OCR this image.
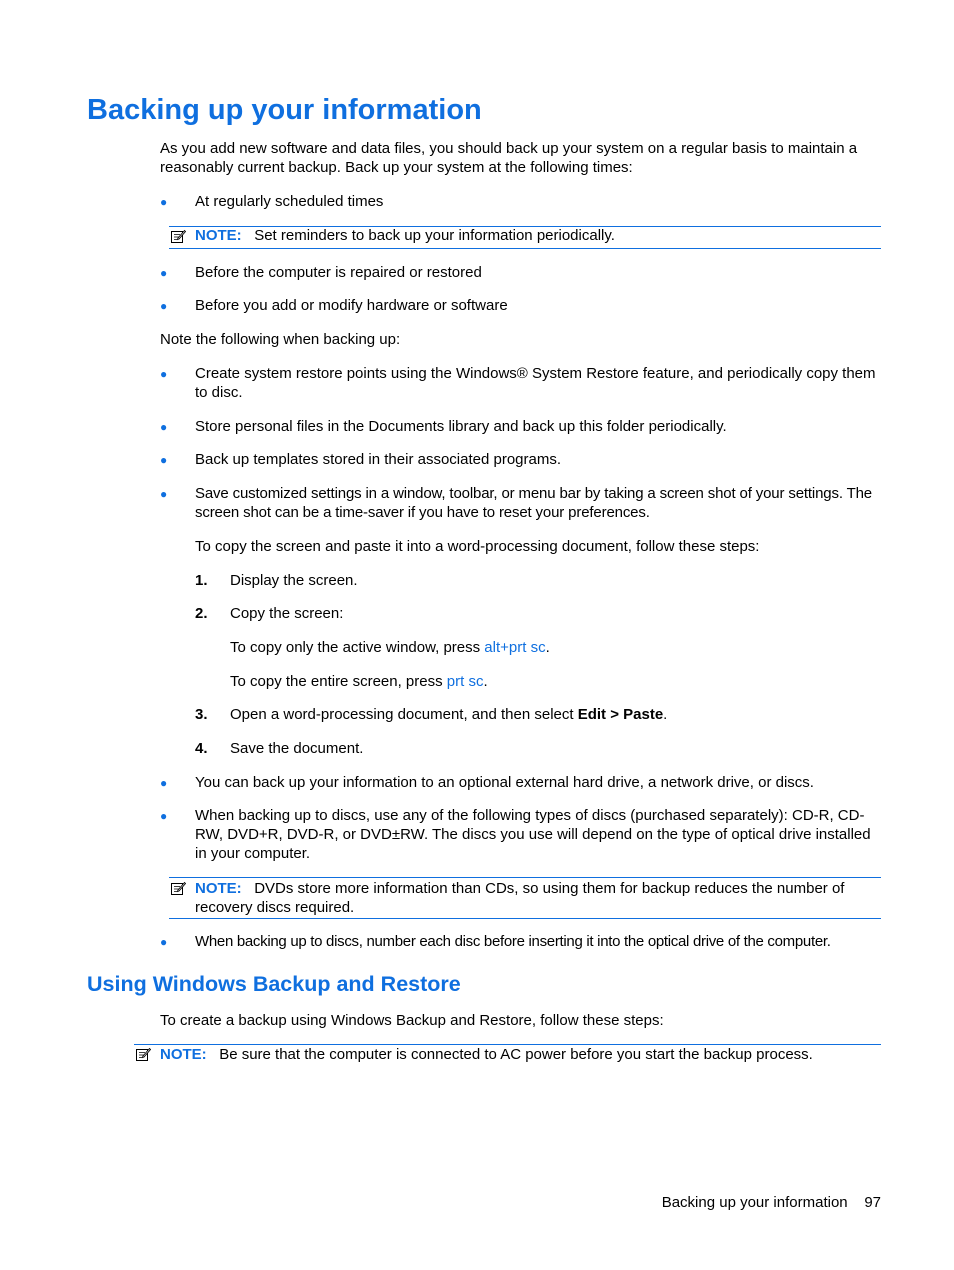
Backing up your information

As you add new software and data files, you should back up your system on a regular basis to maintain a reasonably current backup. Back up your system at the following times:

● At regularly scheduled times

NOTE: Set reminders to back up your information periodically.

● Before the computer is repaired or restored

● Before you add or modify hardware or software

Note the following when backing up:

● Create system restore points using the Windows® System Restore feature, and periodically copy them to disc.

● Store personal files in the Documents library and back up this folder periodically.

● Back up templates stored in their associated programs.

● Save customized settings in a window, toolbar, or menu bar by taking a screen shot of your settings. The screen shot can be a time-saver if you have to reset your preferences.

To copy the screen and paste it into a word-processing document, follow these steps:

1. Display the screen.

2. Copy the screen:

To copy only the active window, press alt+prt sc.

To copy the entire screen, press prt sc.

3. Open a word-processing document, and then select Edit > Paste.

4. Save the document.

● You can back up your information to an optional external hard drive, a network drive, or discs.

● When backing up to discs, use any of the following types of discs (purchased separately): CD-R, CD-RW, DVD+R, DVD-R, or DVD±RW. The discs you use will depend on the type of optical drive installed in your computer.

NOTE: DVDs store more information than CDs, so using them for backup reduces the number of recovery discs required.

● When backing up to discs, number each disc before inserting it into the optical drive of the computer.

Using Windows Backup and Restore

To create a backup using Windows Backup and Restore, follow these steps:

NOTE: Be sure that the computer is connected to AC power before you start the backup process.

Backing up your information 97
